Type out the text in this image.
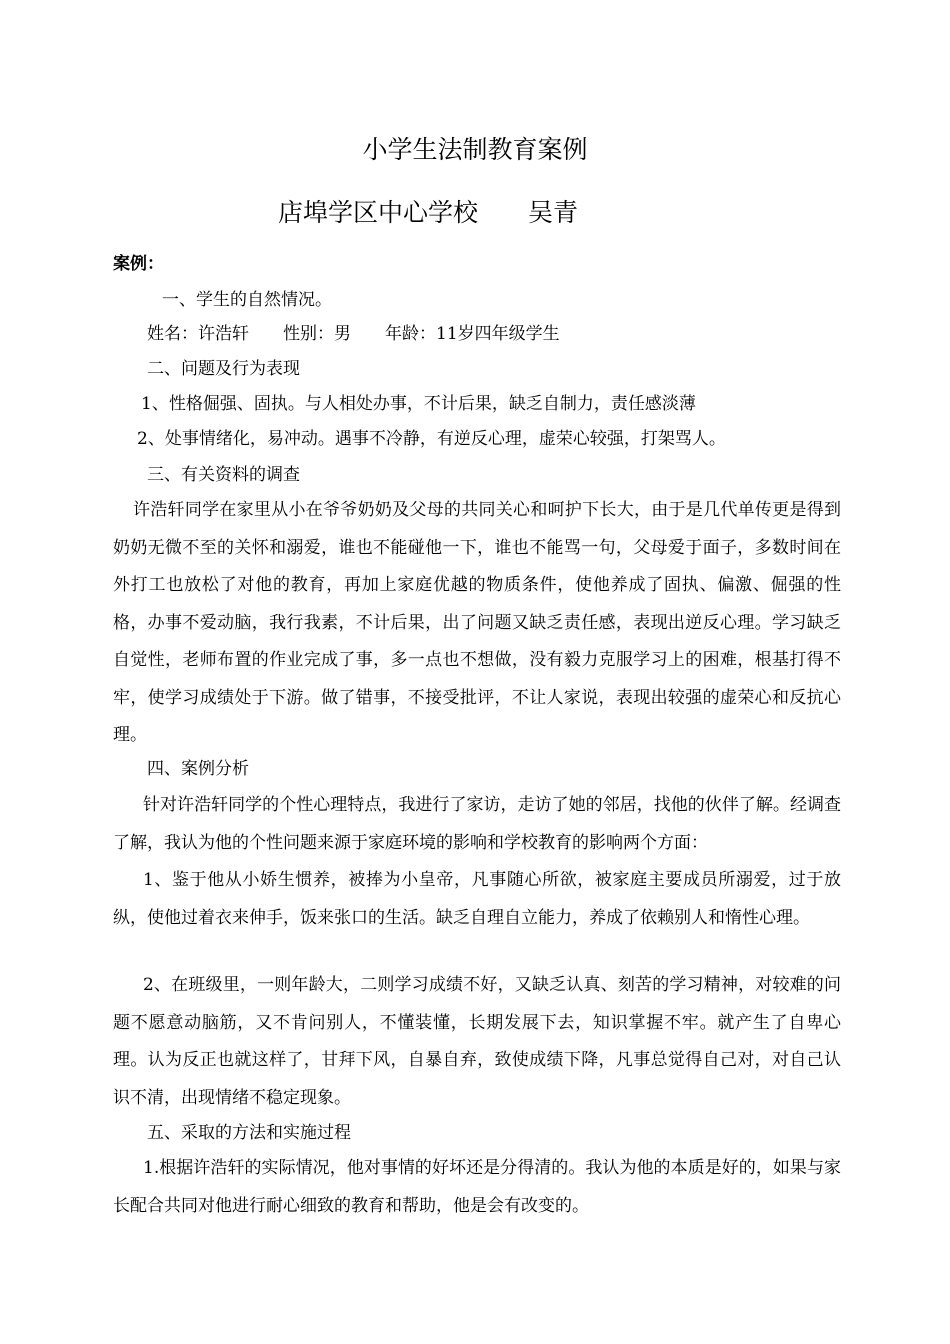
小学生法制教育案例
店埠学区中心学校　　吴青
案例：
一、学生的自然情况。
姓名：许浩轩　　性别：男　　年龄：11岁四年级学生
二、问题及行为表现
1、性格倔强、固执。与人相处办事，不计后果，缺乏自制力，责任感淡薄
2、处事情绪化，易冲动。遇事不冷静，有逆反心理，虚荣心较强，打架骂人。
三、有关资料的调查
许浩轩同学在家里从小在爷爷奶奶及父母的共同关心和呵护下长大，由于是几代单传更是得到奶奶无微不至的关怀和溺爱，谁也不能碰他一下，谁也不能骂一句，父母爱于面子，多数时间在外打工也放松了对他的教育，再加上家庭优越的物质条件，使他养成了固执、偏激、倔强的性格，办事不爱动脑，我行我素，不计后果，出了问题又缺乏责任感，表现出逆反心理。学习缺乏自觉性，老师布置的作业完成了事，多一点也不想做，没有毅力克服学习上的困难，根基打得不牢，使学习成绩处于下游。做了错事，不接受批评，不让人家说，表现出较强的虚荣心和反抗心理。
四、案例分析
针对许浩轩同学的个性心理特点，我进行了家访，走访了她的邻居，找他的伙伴了解。经调查了解，我认为他的个性问题来源于家庭环境的影响和学校教育的影响两个方面：
1、鉴于他从小娇生惯养，被捧为小皇帝，凡事随心所欲，被家庭主要成员所溺爱，过于放纵，使他过着衣来伸手，饭来张口的生活。缺乏自理自立能力，养成了依赖别人和惰性心理。
2、在班级里，一则年龄大，二则学习成绩不好，又缺乏认真、刻苦的学习精神，对较难的问题不愿意动脑筋，又不肯问别人，不懂装懂，长期发展下去，知识掌握不牢。就产生了自卑心理。认为反正也就这样了，甘拜下风，自暴自弃，致使成绩下降，凡事总觉得自己对，对自己认识不清，出现情绪不稳定现象。
五、采取的方法和实施过程
1.根据许浩轩的实际情况，他对事情的好坏还是分得清的。我认为他的本质是好的，如果与家长配合共同对他进行耐心细致的教育和帮助，他是会有改变的。
